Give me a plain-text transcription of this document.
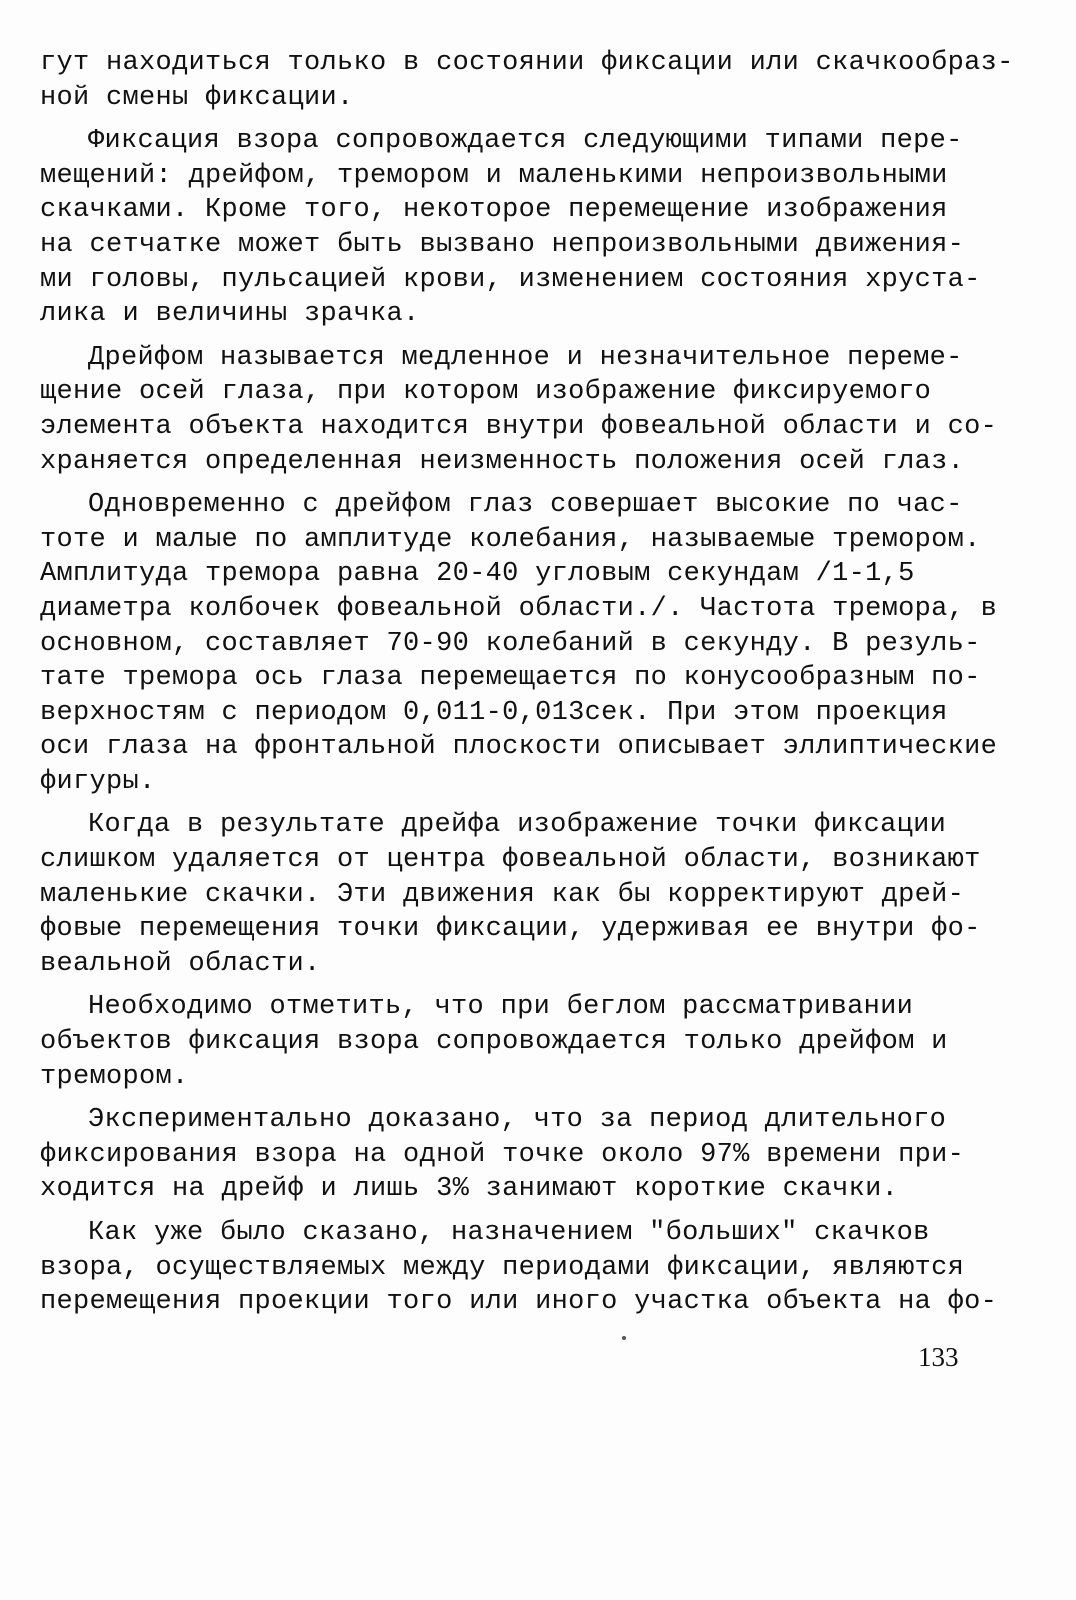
гут находиться только в состоянии фиксации или скачкообраз-
ной смены фиксации.
Фиксация взора сопровождается следующими типами пере-
мещений: дрейфом, тремором и маленькими непроизвольными
скачками. Кроме того, некоторое перемещение изображения
на сетчатке может быть вызвано непроизвольными движения-
ми головы, пульсацией крови, изменением состояния хруста-
лика и величины зрачка.
Дрейфом называется медленное и незначительное переме-
щение осей глаза, при котором изображение фиксируемого
элемента объекта находится внутри фовеальной области и со-
храняется определенная неизменность положения осей глаз.
Одновременно с дрейфом глаз совершает высокие по час-
тоте и малые по амплитуде колебания, называемые тремором.
Амплитуда тремора равна 20-40 угловым секундам /1-1,5
диаметра колбочек фовеальной области./. Частота тремора, в
основном, составляет 70-90 колебаний в секунду. В резуль-
тате тремора ось глаза перемещается по конусообразным по-
верхностям с периодом 0,011-0,013сек. При этом проекция
оси глаза на фронтальной плоскости описывает эллиптические
фигуры.
Когда в результате дрейфа изображение точки фиксации
слишком удаляется от центра фовеальной области, возникают
маленькие скачки. Эти движения как бы корректируют дрей-
фовые перемещения точки фиксации, удерживая ее внутри фо-
веальной области.
Необходимо отметить, что при беглом рассматривании
объектов фиксация взора сопровождается только дрейфом и
тремором.
Экспериментально доказано, что за период длительного
фиксирования взора на одной точке около 97% времени при-
ходится на дрейф и лишь 3% занимают короткие скачки.
Как уже было сказано, назначением "больших" скачков
взора, осуществляемых между периодами фиксации, являются
перемещения проекции того или иного участка объекта на фо-
133
